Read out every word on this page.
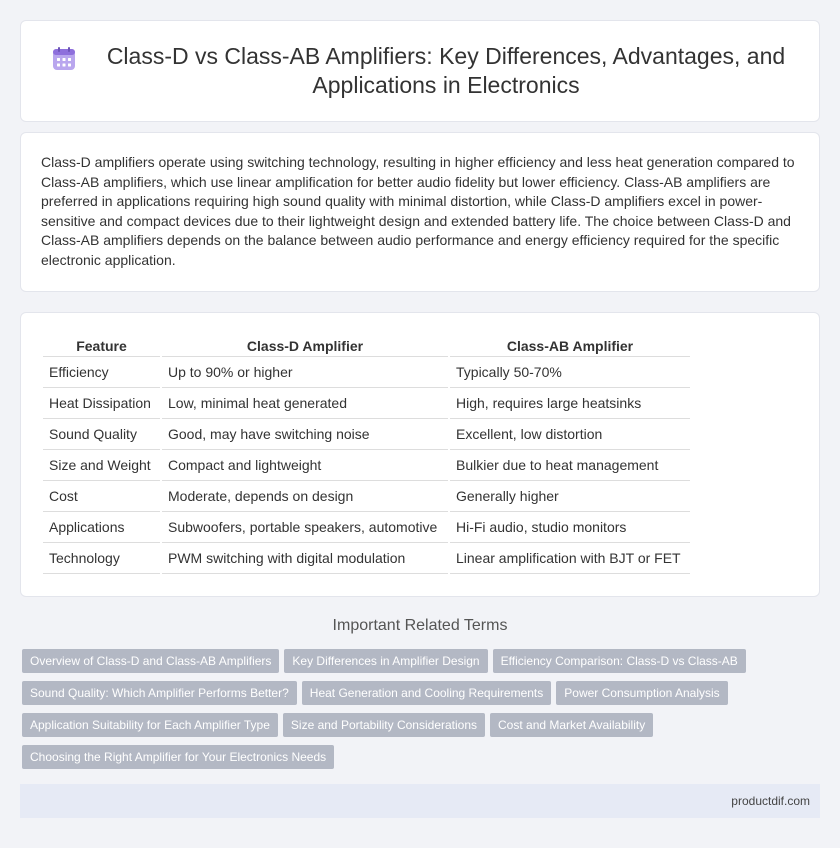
Class-D vs Class-AB Amplifiers: Key Differences, Advantages, and Applications in Electronics

Class-D amplifiers operate using switching technology, resulting in higher efficiency and less heat generation compared to Class-AB amplifiers, which use linear amplification for better audio fidelity but lower efficiency. Class-AB amplifiers are preferred in applications requiring high sound quality with minimal distortion, while Class-D amplifiers excel in power-sensitive and compact devices due to their lightweight design and extended battery life. The choice between Class-D and Class-AB amplifiers depends on the balance between audio performance and energy efficiency required for the specific electronic application.

Feature	Class-D Amplifier	Class-AB Amplifier
Efficiency	Up to 90% or higher	Typically 50-70%
Heat Dissipation	Low, minimal heat generated	High, requires large heatsinks
Sound Quality	Good, may have switching noise	Excellent, low distortion
Size and Weight	Compact and lightweight	Bulkier due to heat management
Cost	Moderate, depends on design	Generally higher
Applications	Subwoofers, portable speakers, automotive	Hi-Fi audio, studio monitors
Technology	PWM switching with digital modulation	Linear amplification with BJT or FET
Important Related Terms
Overview of Class-D and Class-AB Amplifiers	Key Differences in Amplifier Design	Efficiency Comparison: Class-D vs Class-AB
Sound Quality: Which Amplifier Performs Better?	Heat Generation and Cooling Requirements	Power Consumption Analysis
Application Suitability for Each Amplifier Type	Size and Portability Considerations	Cost and Market Availability
Choosing the Right Amplifier for Your Electronics Needs
productdif.com
